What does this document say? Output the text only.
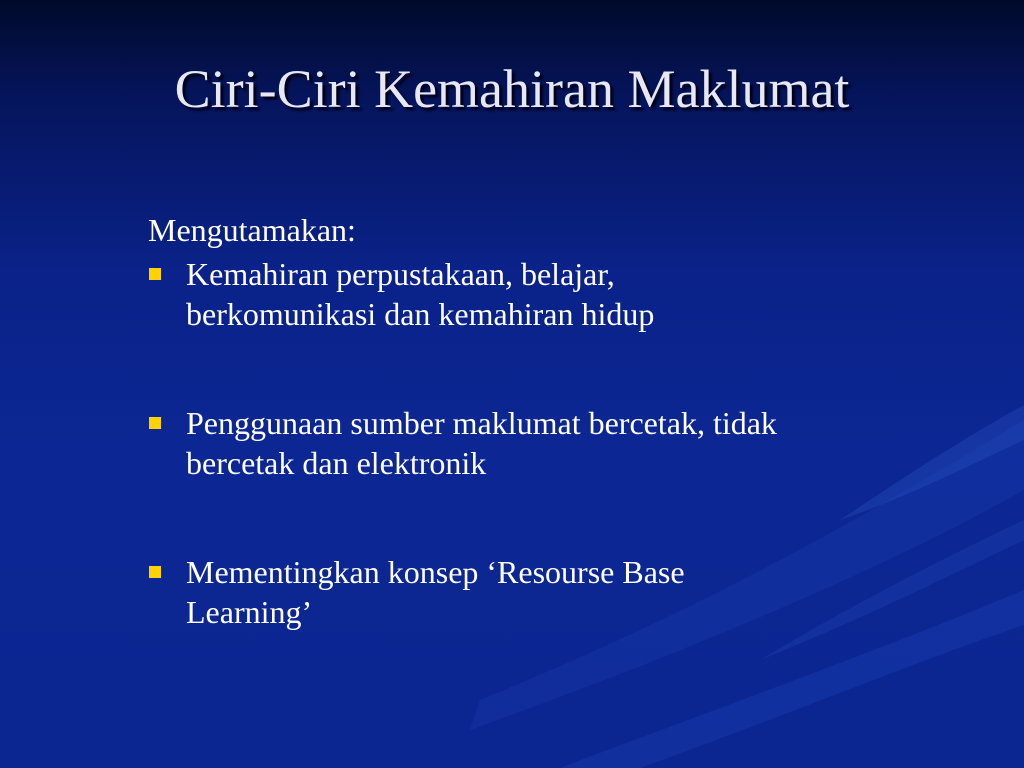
Ciri-Ciri Kemahiran Maklumat
Mengutamakan:
Kemahiran perpustakaan, belajar,
berkomunikasi dan kemahiran hidup
Penggunaan sumber maklumat bercetak, tidak
bercetak dan elektronik
Mementingkan konsep ‘Resourse Base
Learning’
